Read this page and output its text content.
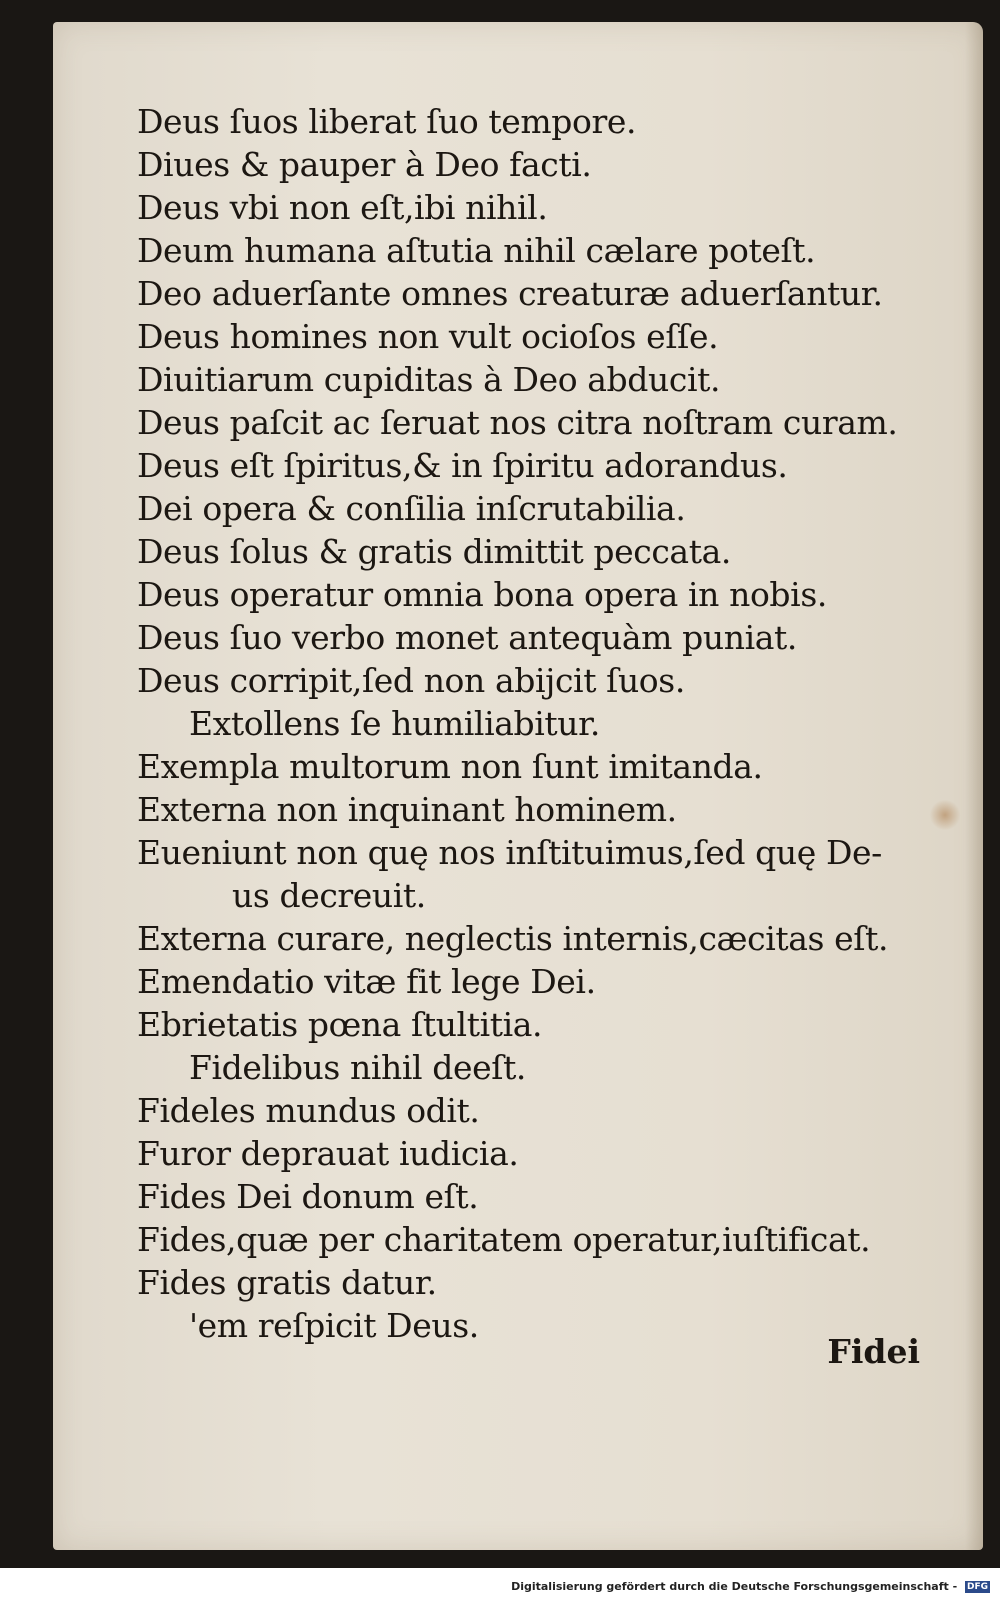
Deus ſuos liberat ſuo tempore.
Diues & pauper à Deo facti.
Deus vbi non eſt,ibi nihil.
Deum humana aſtutia nihil cælare poteſt.
Deo aduerſante omnes creaturæ aduerſantur.
Deus homines non vult ocioſos eſſe.
Diuitiarum cupiditas à Deo abducit.
Deus paſcit ac ſeruat nos citra noſtram curam.
Deus eſt ſpiritus,& in ſpiritu adorandus.
Dei opera & conſilia inſcrutabilia.
Deus ſolus & gratis dimittit peccata.
Deus operatur omnia bona opera in nobis.
Deus ſuo verbo monet antequàm puniat.
Deus corripit,ſed non abijcit ſuos.
Extollens ſe humiliabitur.
Exempla multorum non ſunt imitanda.
Externa non inquinant hominem.
Eueniunt non quę nos inſtituimus,ſed quę De-
us decreuit.
Externa curare, neglectis internis,cæcitas eſt.
Emendatio vitæ fit lege Dei.
Ebrietatis pœna ſtultitia.
Fidelibus nihil deeſt.
Fideles mundus odit.
Furor deprauat iudicia.
Fides Dei donum eſt.
Fides,quæ per charitatem operatur,iuſtificat.
Fides gratis datur.
'em reſpicit Deus.
Fidei
Digitalisierung gefördert durch die Deutsche Forschungsgemeinschaft - DFG
